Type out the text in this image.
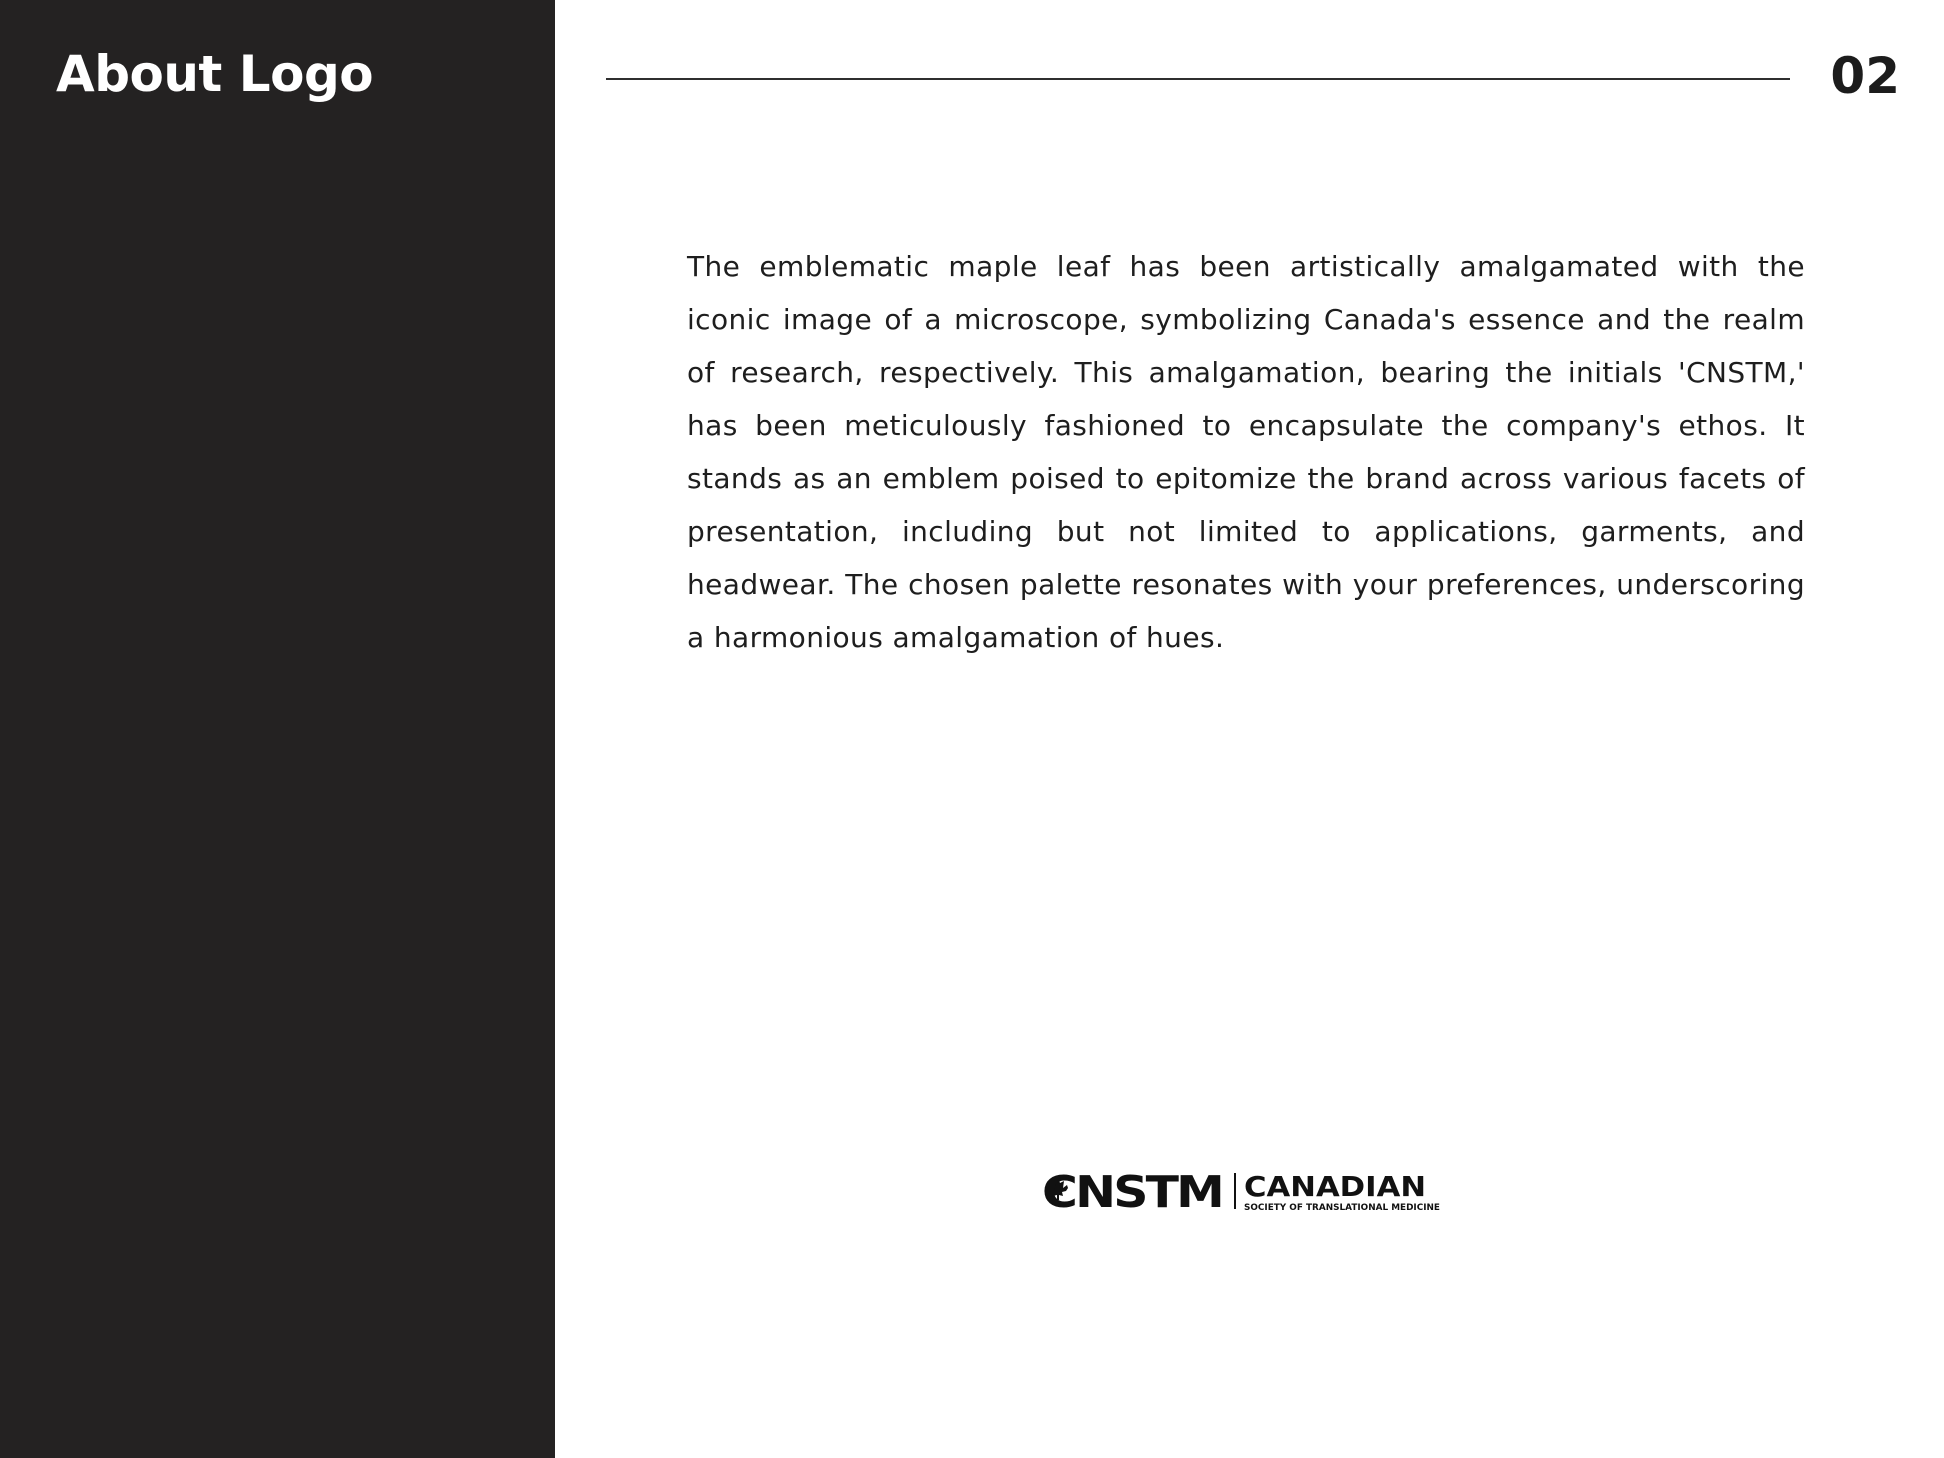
About Logo	02

The emblematic maple leaf has been artistically amalgamated with the iconic image of a microscope, symbolizing Canada's essence and the realm of research, respectively. This amalgamation, bearing the initials 'CNSTM,' has been meticulously fashioned to encapsulate the company's ethos. It stands as an emblem poised to epitomize the brand across various facets of presentation, including but not limited to applications, garments, and headwear. The chosen palette resonates with your preferences, underscoring a harmonious amalgamation of hues.

CNSTM CANADIAN
SOCIETY OF TRANSLATIONAL MEDICINE
